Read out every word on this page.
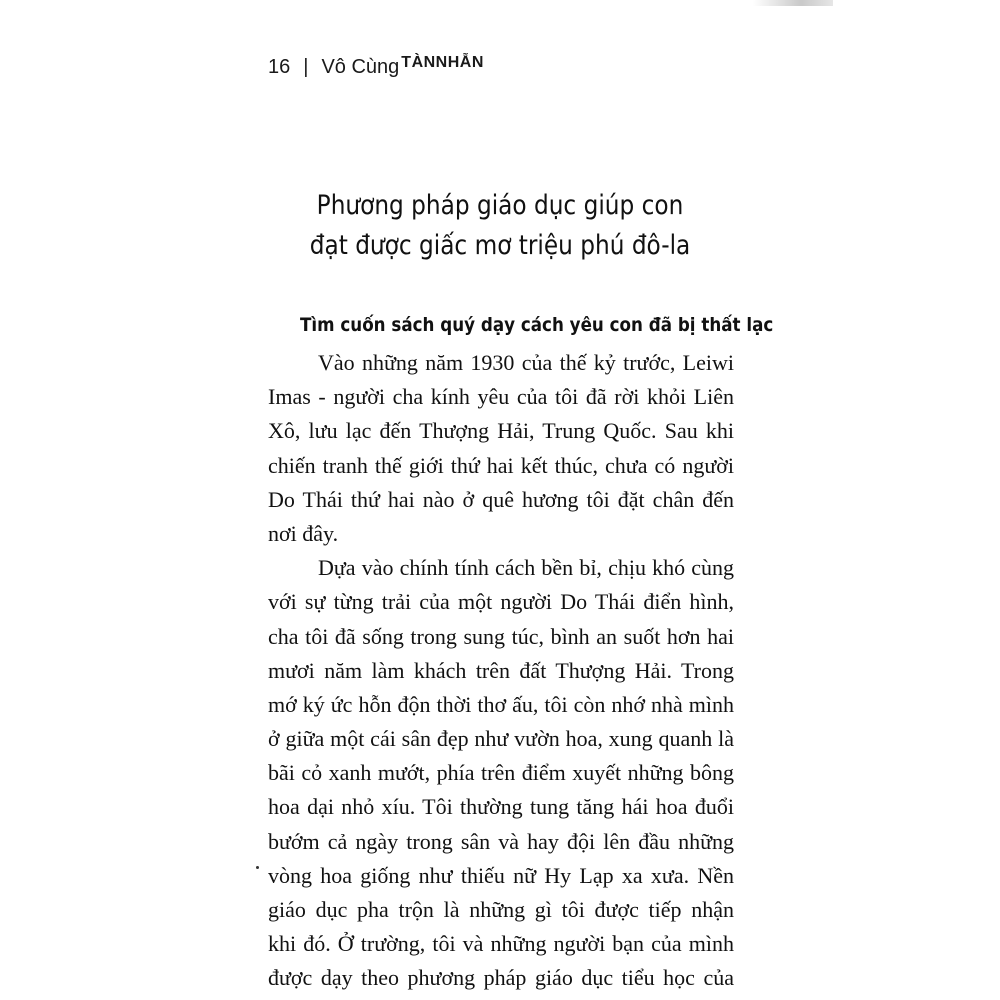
16 | Vô Cùng TÀNNHẪN
Phương pháp giáo dục giúp con
đạt được giấc mơ triệu phú đô-la
Tìm cuốn sách quý dạy cách yêu con đã bị thất lạc
Vào những năm 1930 của thế kỷ trước, Leiwi
Imas - người cha kính yêu của tôi đã rời khỏi Liên
Xô, lưu lạc đến Thượng Hải, Trung Quốc. Sau khi
chiến tranh thế giới thứ hai kết thúc, chưa có người
Do Thái thứ hai nào ở quê hương tôi đặt chân đến
nơi đây.
Dựa vào chính tính cách bền bỉ, chịu khó cùng
với sự từng trải của một người Do Thái điển hình,
cha tôi đã sống trong sung túc, bình an suốt hơn hai
mươi năm làm khách trên đất Thượng Hải. Trong
mớ ký ức hỗn độn thời thơ ấu, tôi còn nhớ nhà mình
ở giữa một cái sân đẹp như vườn hoa, xung quanh là
bãi cỏ xanh mướt, phía trên điểm xuyết những bông
hoa dại nhỏ xíu. Tôi thường tung tăng hái hoa đuổi
bướm cả ngày trong sân và hay đội lên đầu những
vòng hoa giống như thiếu nữ Hy Lạp xa xưa. Nền
giáo dục pha trộn là những gì tôi được tiếp nhận
khi đó. Ở trường, tôi và những người bạn của mình
được dạy theo phương pháp giáo dục tiểu học của
